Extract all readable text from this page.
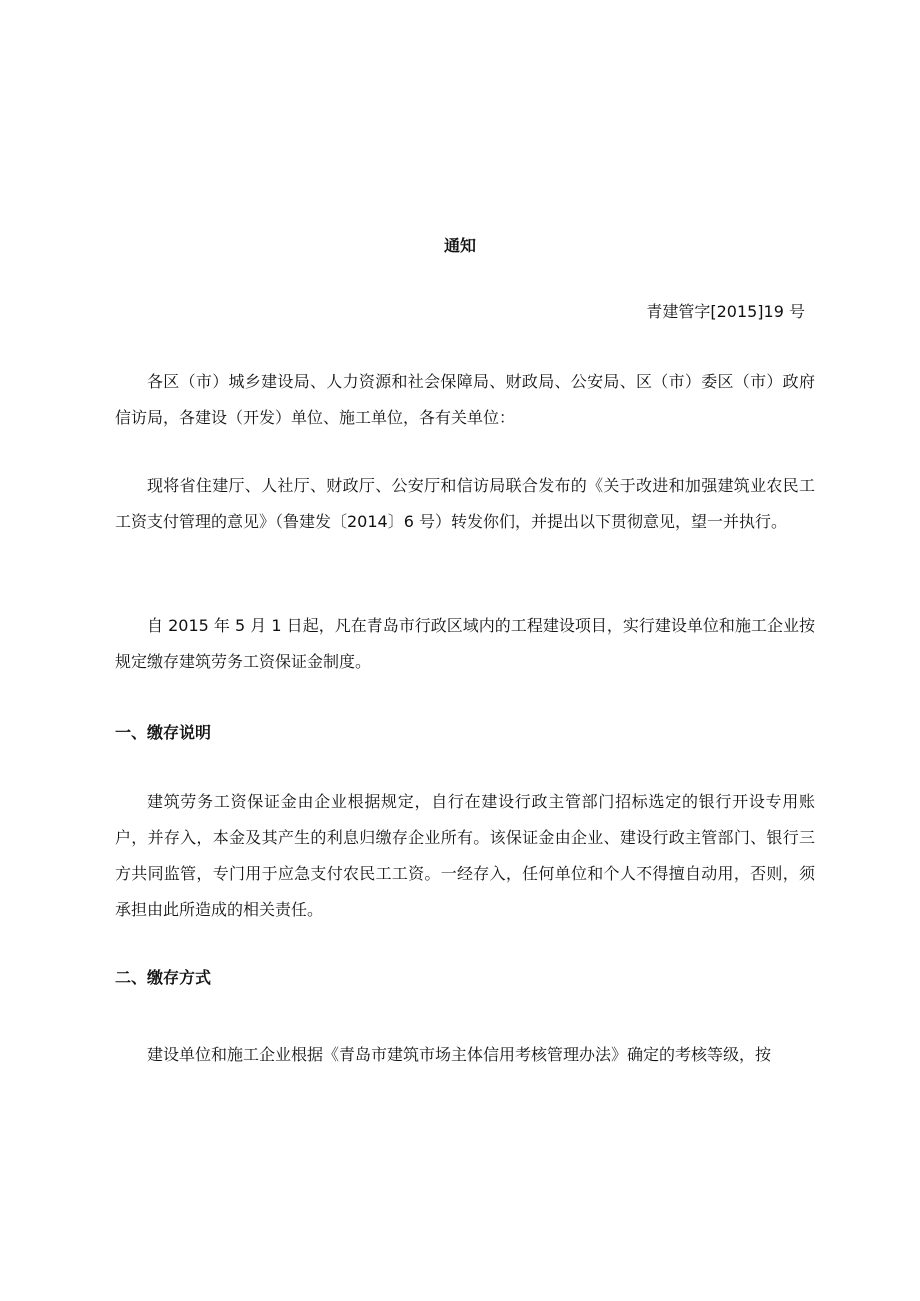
通知
青建管字[2015]19 号

各区（市）城乡建设局、人力资源和社会保障局、财政局、公安局、区（市）委区（市）政府信访局，各建设（开发）单位、施工单位，各有关单位：

现将省住建厅、人社厅、财政厅、公安厅和信访局联合发布的《关于改进和加强建筑业农民工工资支付管理的意见》（鲁建发〔2014〕6 号）转发你们，并提出以下贯彻意见，望一并执行。

自 2015 年 5 月 1 日起，凡在青岛市行政区域内的工程建设项目，实行建设单位和施工企业按规定缴存建筑劳务工资保证金制度。

一、缴存说明

建筑劳务工资保证金由企业根据规定，自行在建设行政主管部门招标选定的银行开设专用账户，并存入，本金及其产生的利息归缴存企业所有。该保证金由企业、建设行政主管部门、银行三方共同监管，专门用于应急支付农民工工资。一经存入，任何单位和个人不得擅自动用，否则，须承担由此所造成的相关责任。

二、缴存方式

建设单位和施工企业根据《青岛市建筑市场主体信用考核管理办法》确定的考核等级，按
